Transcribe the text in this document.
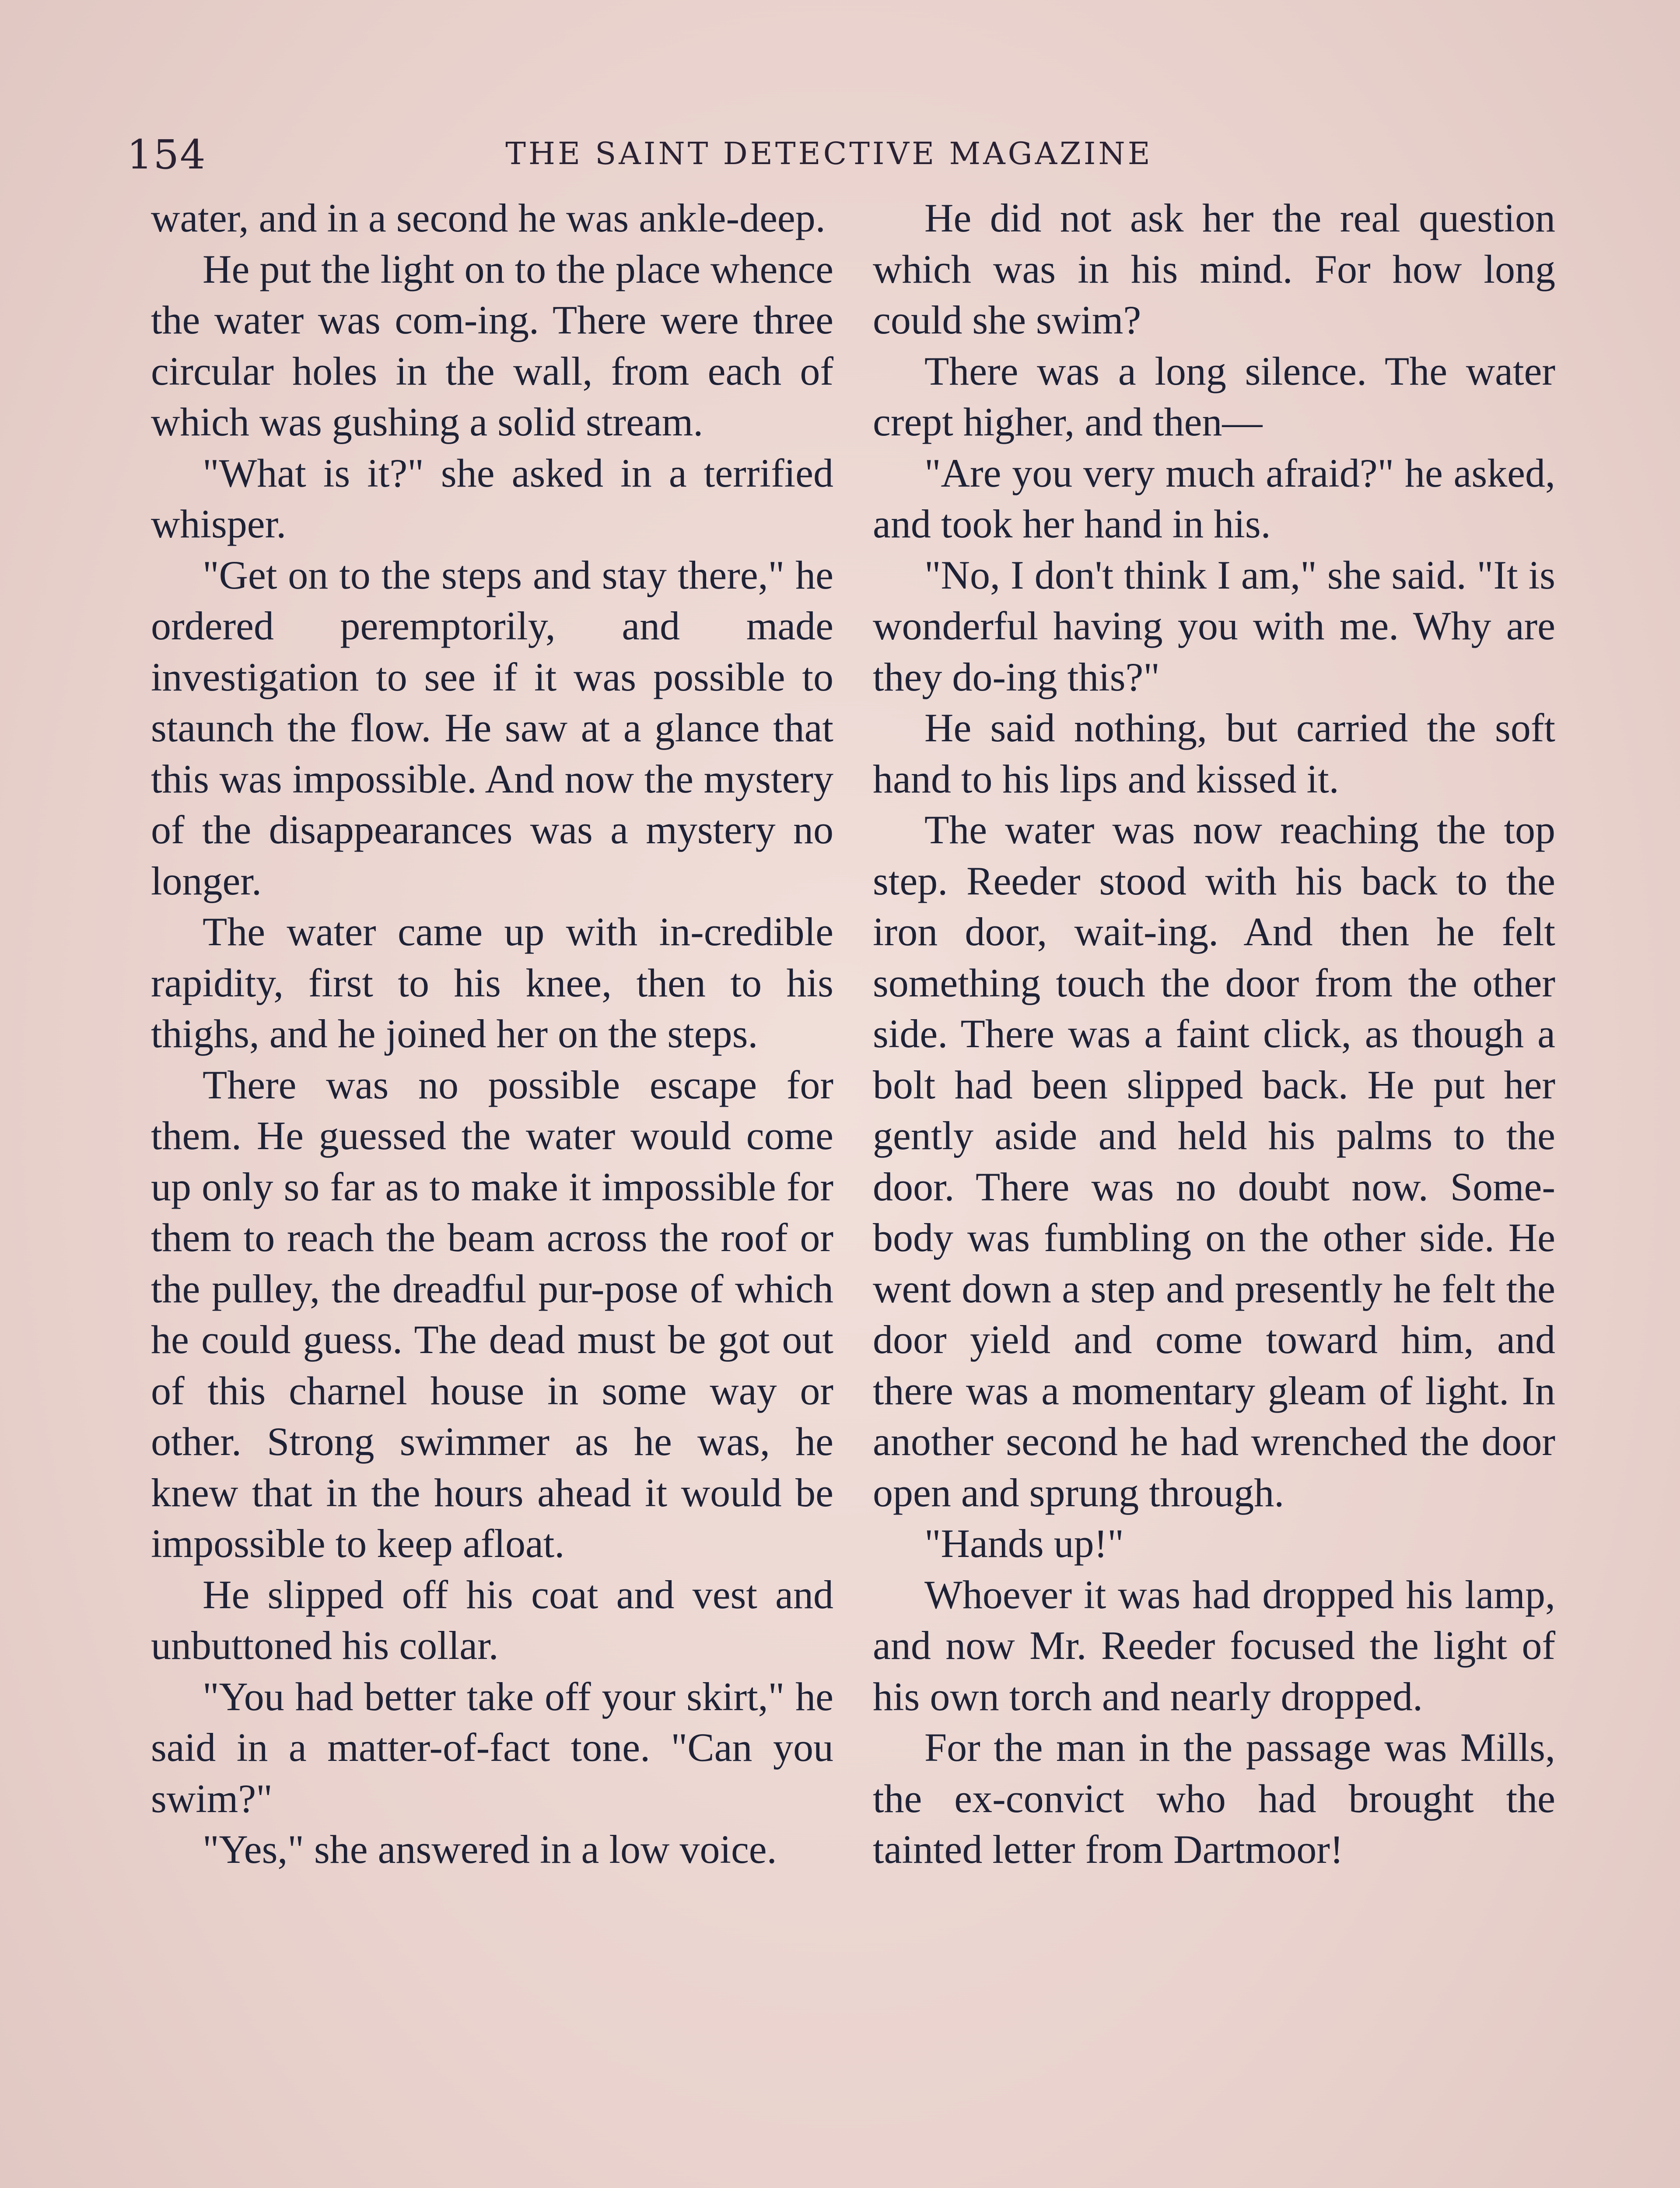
154	THE SAINT DETECTIVE MAGAZINE

water, and in a second he was ankle-deep.

He put the light on to the place whence the water was com-ing. There were three circular holes in the wall, from each of which was gushing a solid stream.

"What is it?" she asked in a terrified whisper.

"Get on to the steps and stay there," he ordered peremptorily, and made investigation to see if it was possible to staunch the flow. He saw at a glance that this was impossible. And now the mystery of the disappearances was a mystery no longer.

The water came up with in-credible rapidity, first to his knee, then to his thighs, and he joined her on the steps.

There was no possible escape for them. He guessed the water would come up only so far as to make it impossible for them to reach the beam across the roof or the pulley, the dreadful pur-pose of which he could guess. The dead must be got out of this charnel house in some way or other. Strong swimmer as he was, he knew that in the hours ahead it would be impossible to keep afloat.

He slipped off his coat and vest and unbuttoned his collar.

"You had better take off your skirt," he said in a matter-of-fact tone. "Can you swim?"

"Yes," she answered in a low voice.

He did not ask her the real question which was in his mind. For how long could she swim?

There was a long silence. The water crept higher, and then—

"Are you very much afraid?" he asked, and took her hand in his.

"No, I don't think I am," she said. "It is wonderful having you with me. Why are they do-ing this?"

He said nothing, but carried the soft hand to his lips and kissed it.

The water was now reaching the top step. Reeder stood with his back to the iron door, wait-ing. And then he felt something touch the door from the other side. There was a faint click, as though a bolt had been slipped back. He put her gently aside and held his palms to the door. There was no doubt now. Some-body was fumbling on the other side. He went down a step and presently he felt the door yield and come toward him, and there was a momentary gleam of light. In another second he had wrenched the door open and sprung through.

"Hands up!"

Whoever it was had dropped his lamp, and now Mr. Reeder focused the light of his own torch and nearly dropped.

For the man in the passage was Mills, the ex-convict who had brought the tainted letter from Dartmoor!
